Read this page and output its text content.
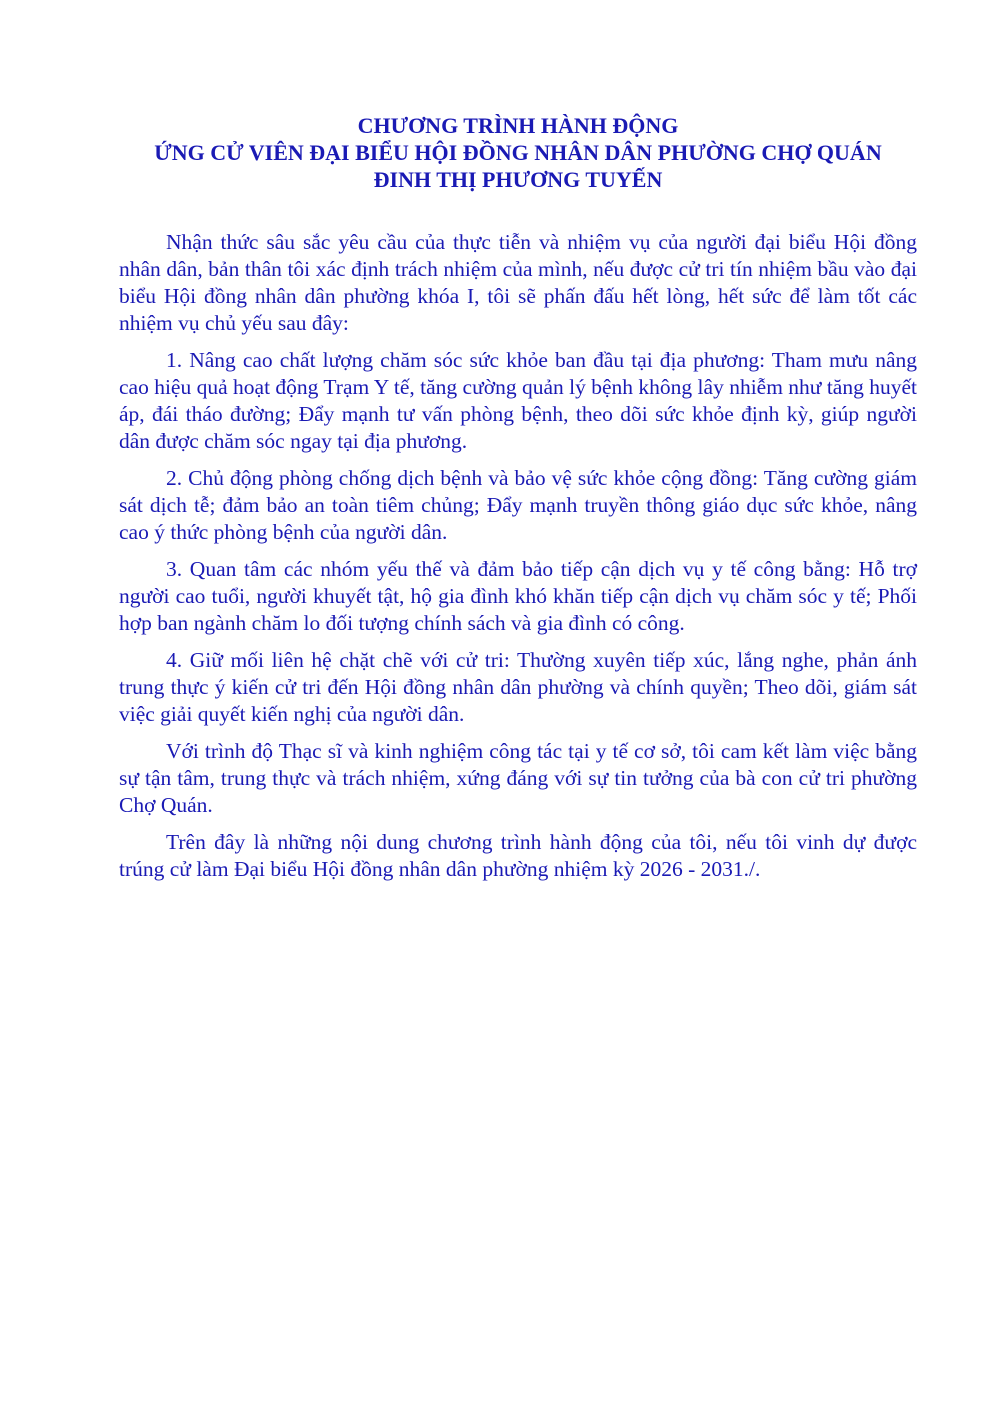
CHƯƠNG TRÌNH HÀNH ĐỘNG
ỨNG CỬ VIÊN ĐẠI BIỂU HỘI ĐỒNG NHÂN DÂN PHƯỜNG CHỢ QUÁN
ĐINH THỊ PHƯƠNG TUYẾN

Nhận thức sâu sắc yêu cầu của thực tiễn và nhiệm vụ của người đại biểu Hội đồng nhân dân, bản thân tôi xác định trách nhiệm của mình, nếu được cử tri tín nhiệm bầu vào đại biểu Hội đồng nhân dân phường khóa I, tôi sẽ phấn đấu hết lòng, hết sức để làm tốt các nhiệm vụ chủ yếu sau đây:

1. Nâng cao chất lượng chăm sóc sức khỏe ban đầu tại địa phương: Tham mưu nâng cao hiệu quả hoạt động Trạm Y tế, tăng cường quản lý bệnh không lây nhiễm như tăng huyết áp, đái tháo đường; Đẩy mạnh tư vấn phòng bệnh, theo dõi sức khỏe định kỳ, giúp người dân được chăm sóc ngay tại địa phương.

2. Chủ động phòng chống dịch bệnh và bảo vệ sức khỏe cộng đồng: Tăng cường giám sát dịch tễ; đảm bảo an toàn tiêm chủng; Đẩy mạnh truyền thông giáo dục sức khỏe, nâng cao ý thức phòng bệnh của người dân.

3. Quan tâm các nhóm yếu thế và đảm bảo tiếp cận dịch vụ y tế công bằng: Hỗ trợ người cao tuổi, người khuyết tật, hộ gia đình khó khăn tiếp cận dịch vụ chăm sóc y tế; Phối hợp ban ngành chăm lo đối tượng chính sách và gia đình có công.

4. Giữ mối liên hệ chặt chẽ với cử tri: Thường xuyên tiếp xúc, lắng nghe, phản ánh trung thực ý kiến cử tri đến Hội đồng nhân dân phường và chính quyền; Theo dõi, giám sát việc giải quyết kiến nghị của người dân.

Với trình độ Thạc sĩ và kinh nghiệm công tác tại y tế cơ sở, tôi cam kết làm việc bằng sự tận tâm, trung thực và trách nhiệm, xứng đáng với sự tin tưởng của bà con cử tri phường Chợ Quán.

Trên đây là những nội dung chương trình hành động của tôi, nếu tôi vinh dự được trúng cử làm Đại biểu Hội đồng nhân dân phường nhiệm kỳ 2026 - 2031./.
